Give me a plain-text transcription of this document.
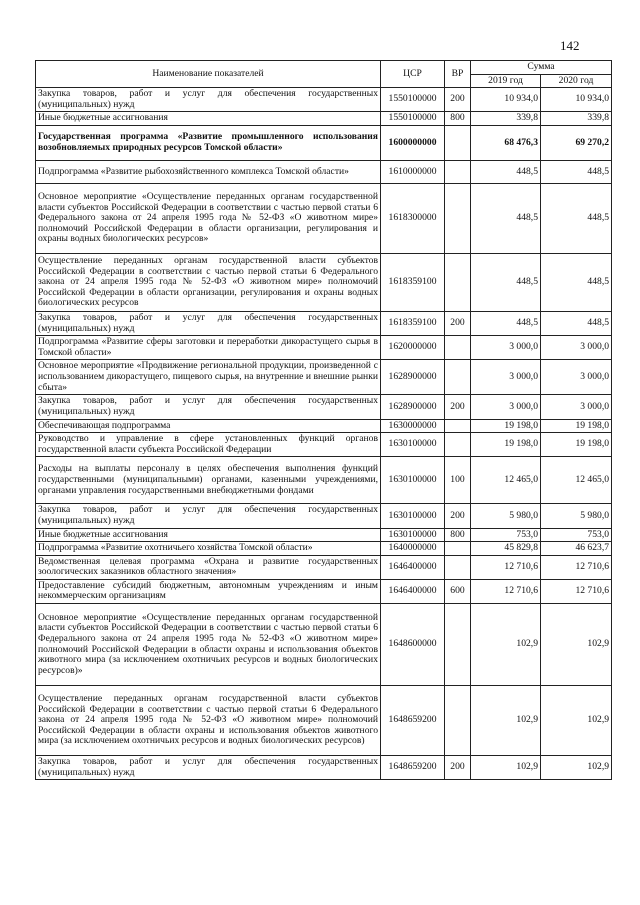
142
Наименование показателей	ЦСР	ВР	Сумма	
			2019 год	2020 год
Закупка товаров, работ и услуг для обеспечения государственных (муниципальных) нужд	1550100000	200	10 934,0	10 934,0
Иные бюджетные ассигнования	1550100000	800	339,8	339,8
Государственная программа «Развитие промышленного использования возобновляемых природных ресурсов Томской области»	1600000000		68 476,3	69 270,2
Подпрограмма «Развитие рыбохозяйственного комплекса Томской области»	1610000000		448,5	448,5
Основное мероприятие «Осуществление переданных органам государственной власти субъектов Российской Федерации в соответствии с частью первой статьи 6 Федерального закона от 24 апреля 1995 года № 52-ФЗ «О животном мире» полномочий Российской Федерации в области организации, регулирования и охраны водных биологических ресурсов»	1618300000		448,5	448,5
Осуществление переданных органам государственной власти субъектов Российской Федерации в соответствии с частью первой статьи 6 Федерального закона от 24 апреля 1995 года № 52-ФЗ «О животном мире» полномочий Российской Федерации в области организации, регулирования и охраны водных биологических ресурсов	1618359100		448,5	448,5
Закупка товаров, работ и услуг для обеспечения государственных (муниципальных) нужд	1618359100	200	448,5	448,5
Подпрограмма «Развитие сферы заготовки и переработки дикорастущего сырья в Томской области»	1620000000		3 000,0	3 000,0
Основное мероприятие «Продвижение региональной продукции, произведенной с использованием дикорастущего, пищевого сырья, на внутренние и внешние рынки сбыта»	1628900000		3 000,0	3 000,0
Закупка товаров, работ и услуг для обеспечения государственных (муниципальных) нужд	1628900000	200	3 000,0	3 000,0
Обеспечивающая подпрограмма	1630000000		19 198,0	19 198,0
Руководство и управление в сфере установленных функций органов государственной власти субъекта Российской Федерации	1630100000		19 198,0	19 198,0
Расходы на выплаты персоналу в целях обеспечения выполнения функций государственными (муниципальными) органами, казенными учреждениями, органами управления государственными внебюджетными фондами	1630100000	100	12 465,0	12 465,0
Закупка товаров, работ и услуг для обеспечения государственных (муниципальных) нужд	1630100000	200	5 980,0	5 980,0
Иные бюджетные ассигнования	1630100000	800	753,0	753,0
Подпрограмма «Развитие охотничьего хозяйства Томской области»	1640000000		45 829,8	46 623,7
Ведомственная целевая программа «Охрана и развитие государственных зоологических заказников областного значения»	1646400000		12 710,6	12 710,6
Предоставление субсидий бюджетным, автономным учреждениям и иным некоммерческим организациям	1646400000	600	12 710,6	12 710,6
Основное мероприятие «Осуществление переданных органам государственной власти субъектов Российской Федерации в соответствии с частью первой статьи 6 Федерального закона от 24 апреля 1995 года № 52-ФЗ «О животном мире» полномочий Российской Федерации в области охраны и использования объектов животного мира (за исключением охотничьих ресурсов и водных биологических ресурсов)»	1648600000		102,9	102,9
Осуществление переданных органам государственной власти субъектов Российской Федерации в соответствии с частью первой статьи 6 Федерального закона от 24 апреля 1995 года № 52-ФЗ «О животном мире» полномочий Российской Федерации в области охраны и использования объектов животного мира (за исключением охотничьих ресурсов и водных биологических ресурсов)	1648659200		102,9	102,9
Закупка товаров, работ и услуг для обеспечения государственных (муниципальных) нужд	1648659200	200	102,9	102,9
